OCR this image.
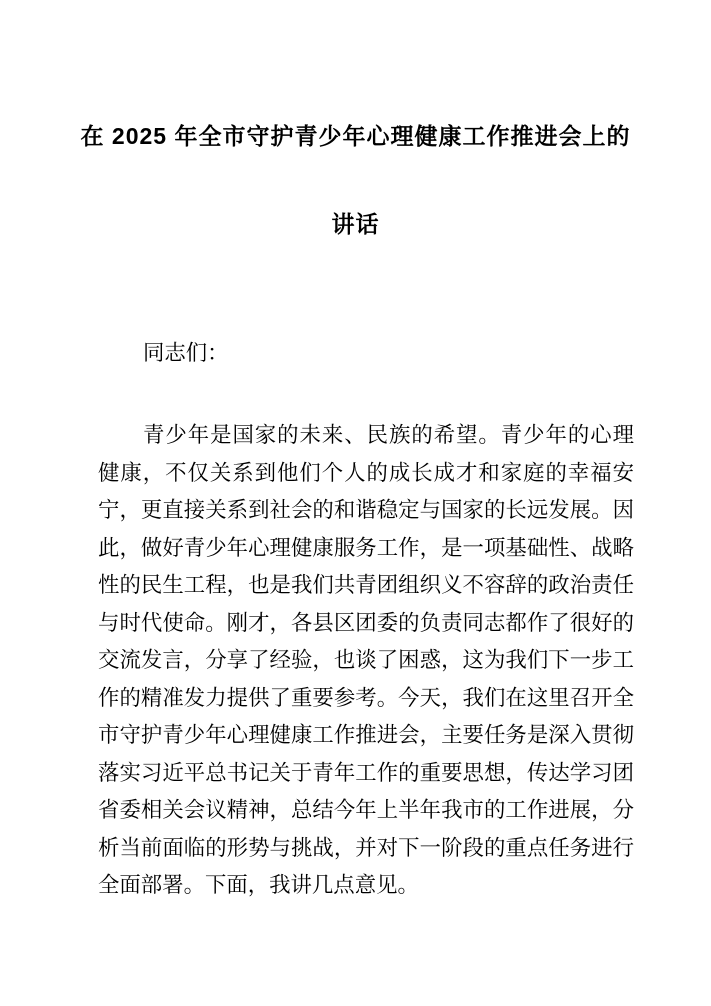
在 2025 年全市守护青少年心理健康工作推进会上的
讲话

同志们：

青少年是国家的未来、民族的希望。青少年的心理健康，不仅关系到他们个人的成长成才和家庭的幸福安宁，更直接关系到社会的和谐稳定与国家的长远发展。因此，做好青少年心理健康服务工作，是一项基础性、战略性的民生工程，也是我们共青团组织义不容辞的政治责任与时代使命。刚才，各县区团委的负责同志都作了很好的交流发言，分享了经验，也谈了困惑，这为我们下一步工作的精准发力提供了重要参考。今天，我们在这里召开全市守护青少年心理健康工作推进会，主要任务是深入贯彻落实习近平总书记关于青年工作的重要思想，传达学习团省委相关会议精神，总结今年上半年我市的工作进展，分析当前面临的形势与挑战，并对下一阶段的重点任务进行全面部署。下面，我讲几点意见。
